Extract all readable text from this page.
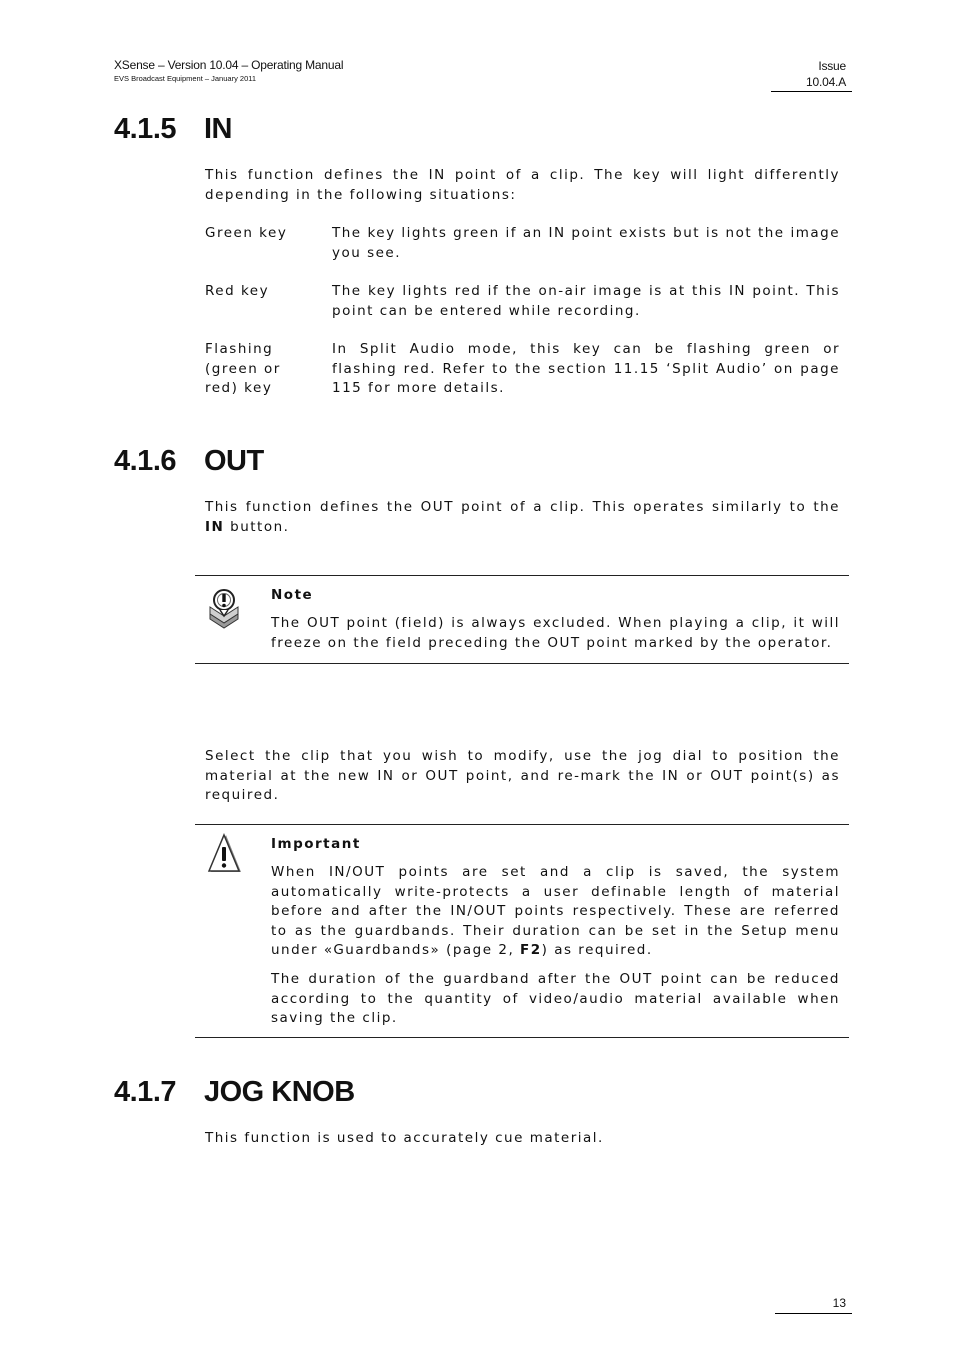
XSense – Version 10.04 – Operating Manual
EVS Broadcast Equipment – January 2011
Issue
10.04.A
4.1.5 IN
This function defines the IN point of a clip. The key will light differently depending in the following situations:
Green key	The key lights green if an IN point exists but is not the image you see.
Red key	The key lights red if the on-air image is at this IN point. This point can be entered while recording.
Flashing (green or red) key
In Split Audio mode, this key can be flashing green or flashing red. Refer to the section 11.15 ‘Split Audio’ on page 115 for more details.
4.1.6 OUT
This function defines the OUT point of a clip. This operates similarly to the IN button.
Note
The OUT point (field) is always excluded. When playing a clip, it will freeze on the field preceding the OUT point marked by the operator.
Select the clip that you wish to modify, use the jog dial to position the material at the new IN or OUT point, and re-mark the IN or OUT point(s) as required.
Important
When IN/OUT points are set and a clip is saved, the system automatically write-protects a user definable length of material before and after the IN/OUT points respectively. These are referred to as the guardbands. Their duration can be set in the Setup menu under «Guardbands» (page 2, F2) as required.
The duration of the guardband after the OUT point can be reduced according to the quantity of video/audio material available when saving the clip.
4.1.7 JOG KNOB
This function is used to accurately cue material.
13
